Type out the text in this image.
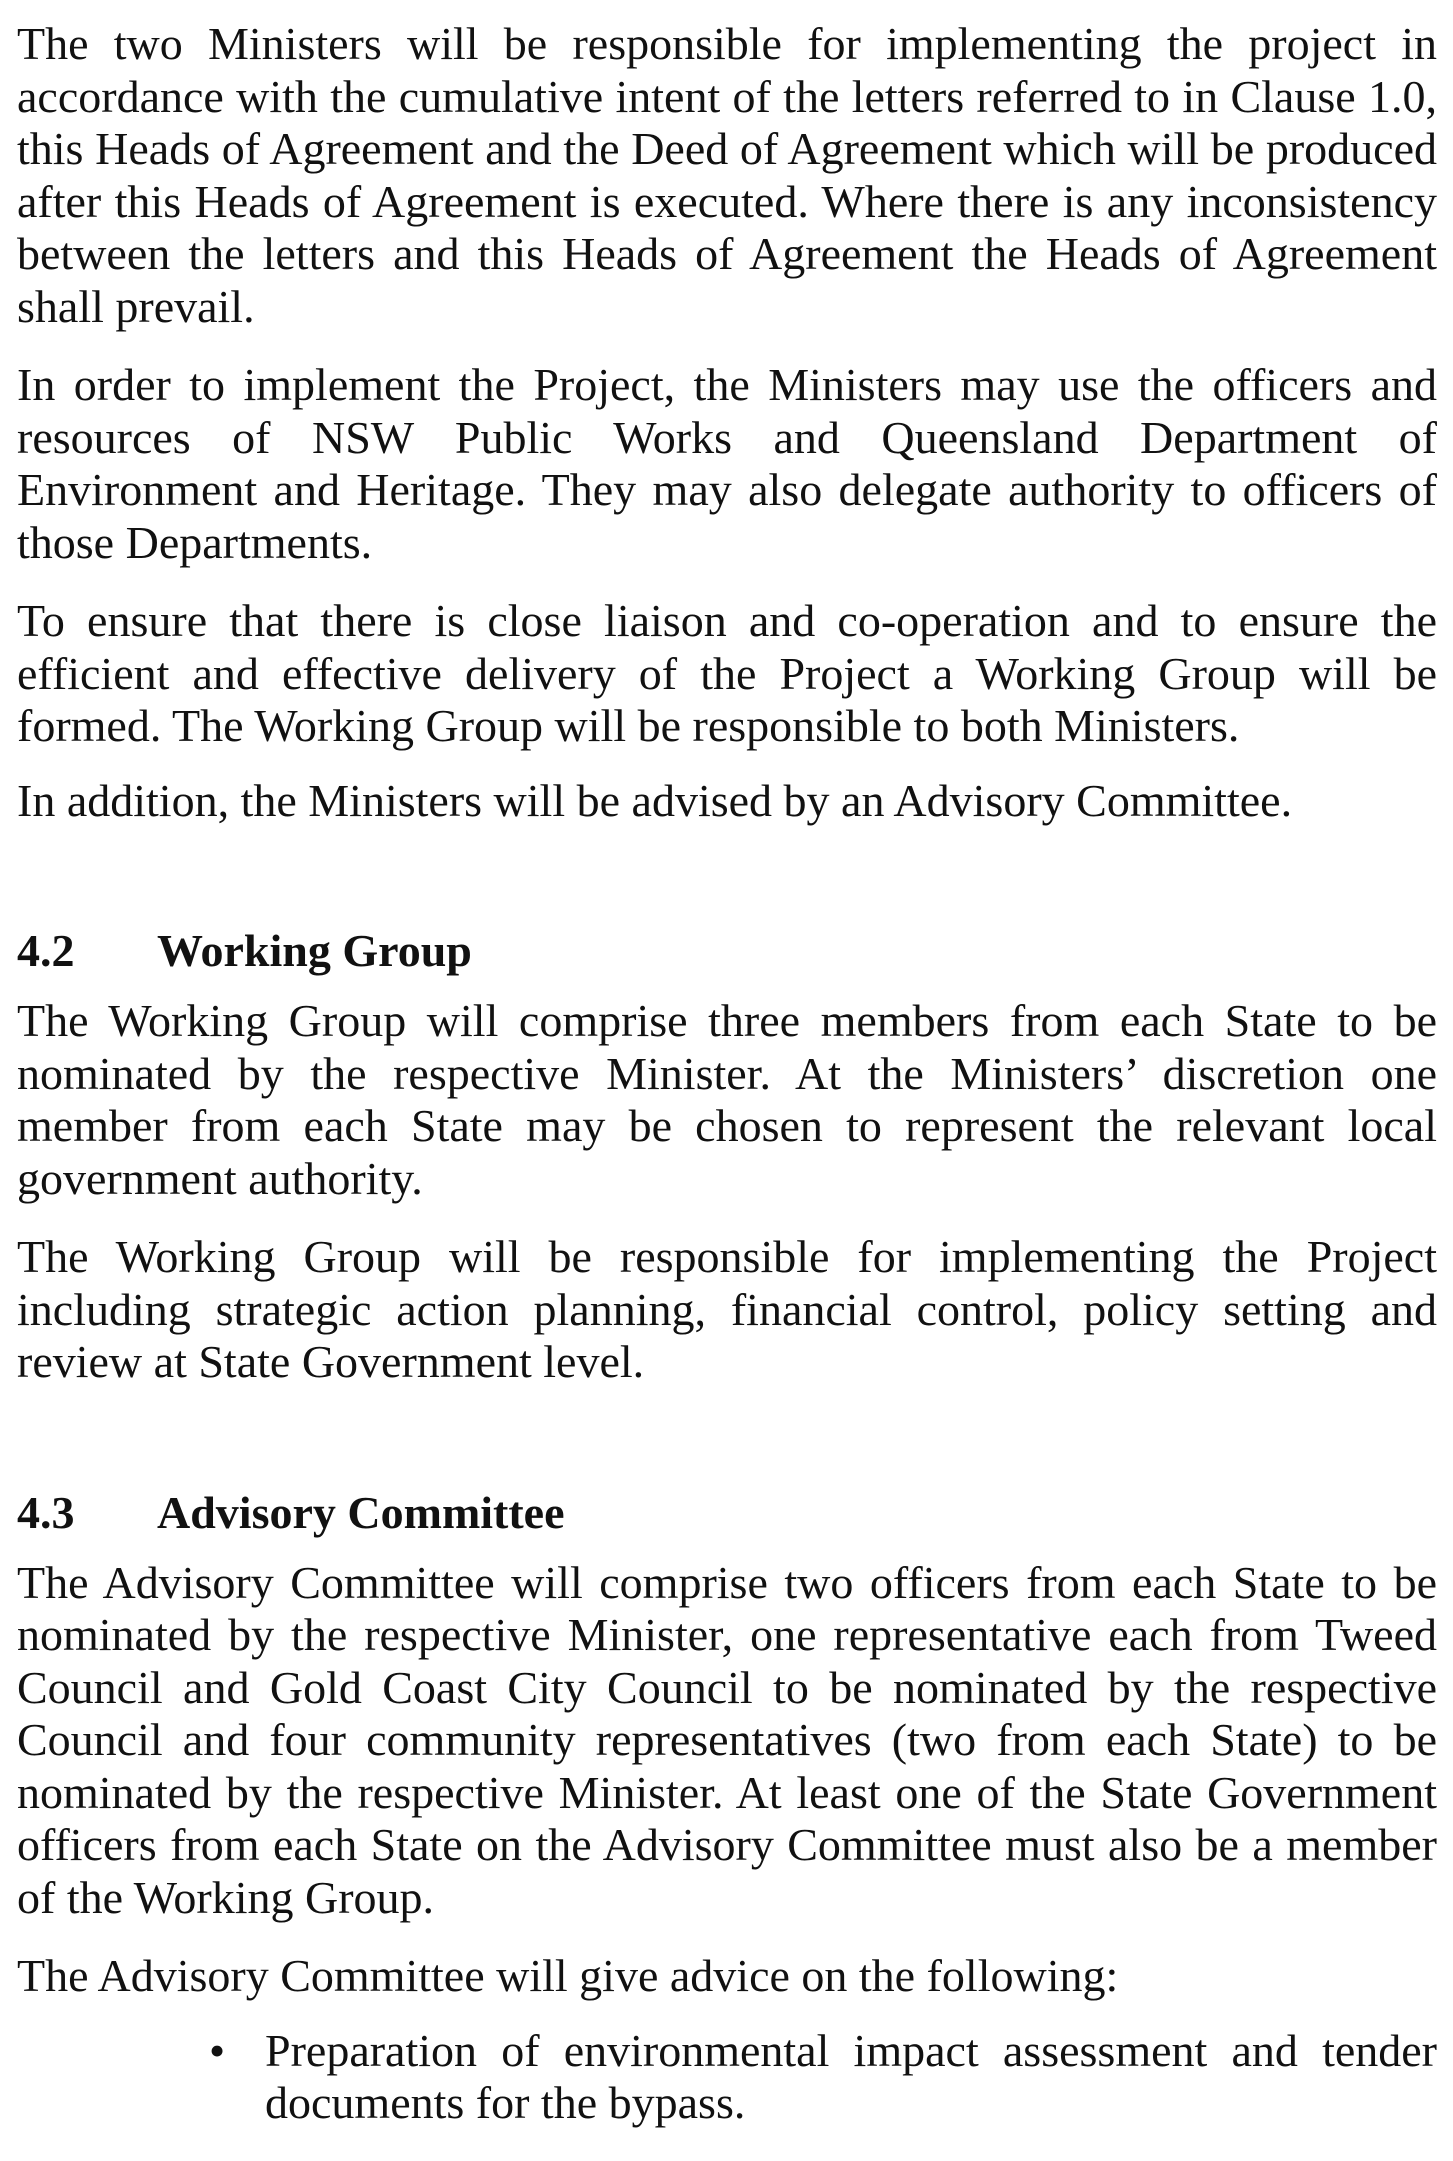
The two Ministers will be responsible for implementing the project in accordance with the cumulative intent of the letters referred to in Clause 1.0, this Heads of Agreement and the Deed of Agreement which will be produced after this Heads of Agreement is executed. Where there is any inconsistency between the letters and this Heads of Agreement the Heads of Agreement shall prevail.

In order to implement the Project, the Ministers may use the officers and resources of NSW Public Works and Queensland Department of Environment and Heritage. They may also delegate authority to officers of those Departments.

To ensure that there is close liaison and co-operation and to ensure the efficient and effective delivery of the Project a Working Group will be formed. The Working Group will be responsible to both Ministers.

In addition, the Ministers will be advised by an Advisory Committee.

4.2	Working Group

The Working Group will comprise three members from each State to be nominated by the respective Minister. At the Ministers’ discretion one member from each State may be chosen to represent the relevant local government authority.

The Working Group will be responsible for implementing the Project including strategic action planning, financial control, policy setting and review at State Government level.

4.3	Advisory Committee

The Advisory Committee will comprise two officers from each State to be nominated by the respective Minister, one representative each from Tweed Council and Gold Coast City Council to be nominated by the respective Council and four community representatives (two from each State) to be nominated by the respective Minister. At least one of the State Government officers from each State on the Advisory Committee must also be a member of the Working Group.

The Advisory Committee will give advice on the following:

• Preparation of environmental impact assessment and tender documents for the bypass.
